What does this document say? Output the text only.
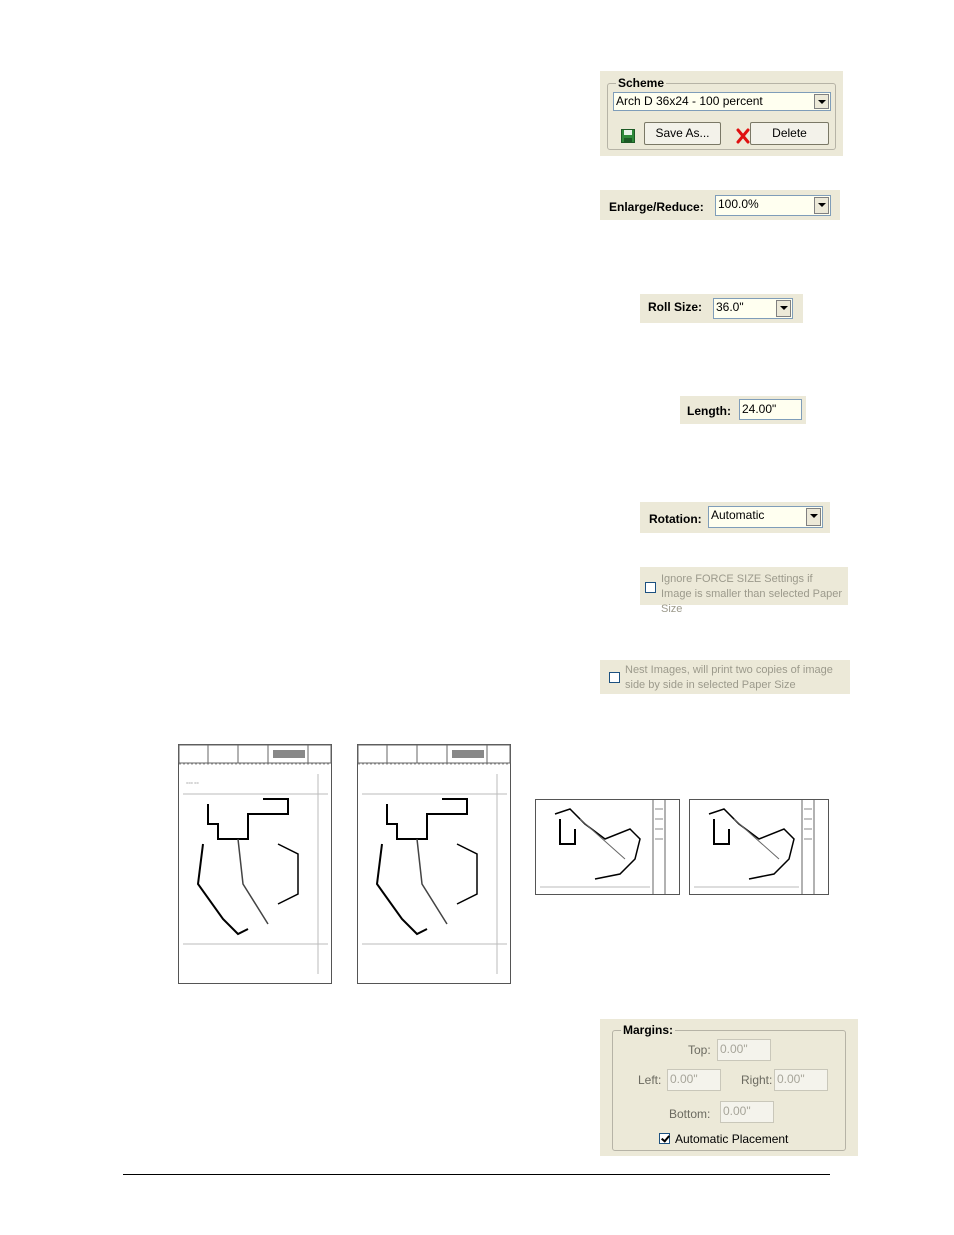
Scheme
Arch D 36x24 - 100 percent
Save As...	Delete
Enlarge/Reduce: 100.0%
Roll Size: 36.0"
Length: 24.00"
Rotation: Automatic
Ignore FORCE SIZE Settings if Image is smaller than selected Paper Size
Nest Images, will print two copies of image side by side in selected Paper Size
=== ==
Margins:
Top: 0.00"
Left: 0.00"	Right: 0.00"
Bottom: 0.00"
Automatic Placement
